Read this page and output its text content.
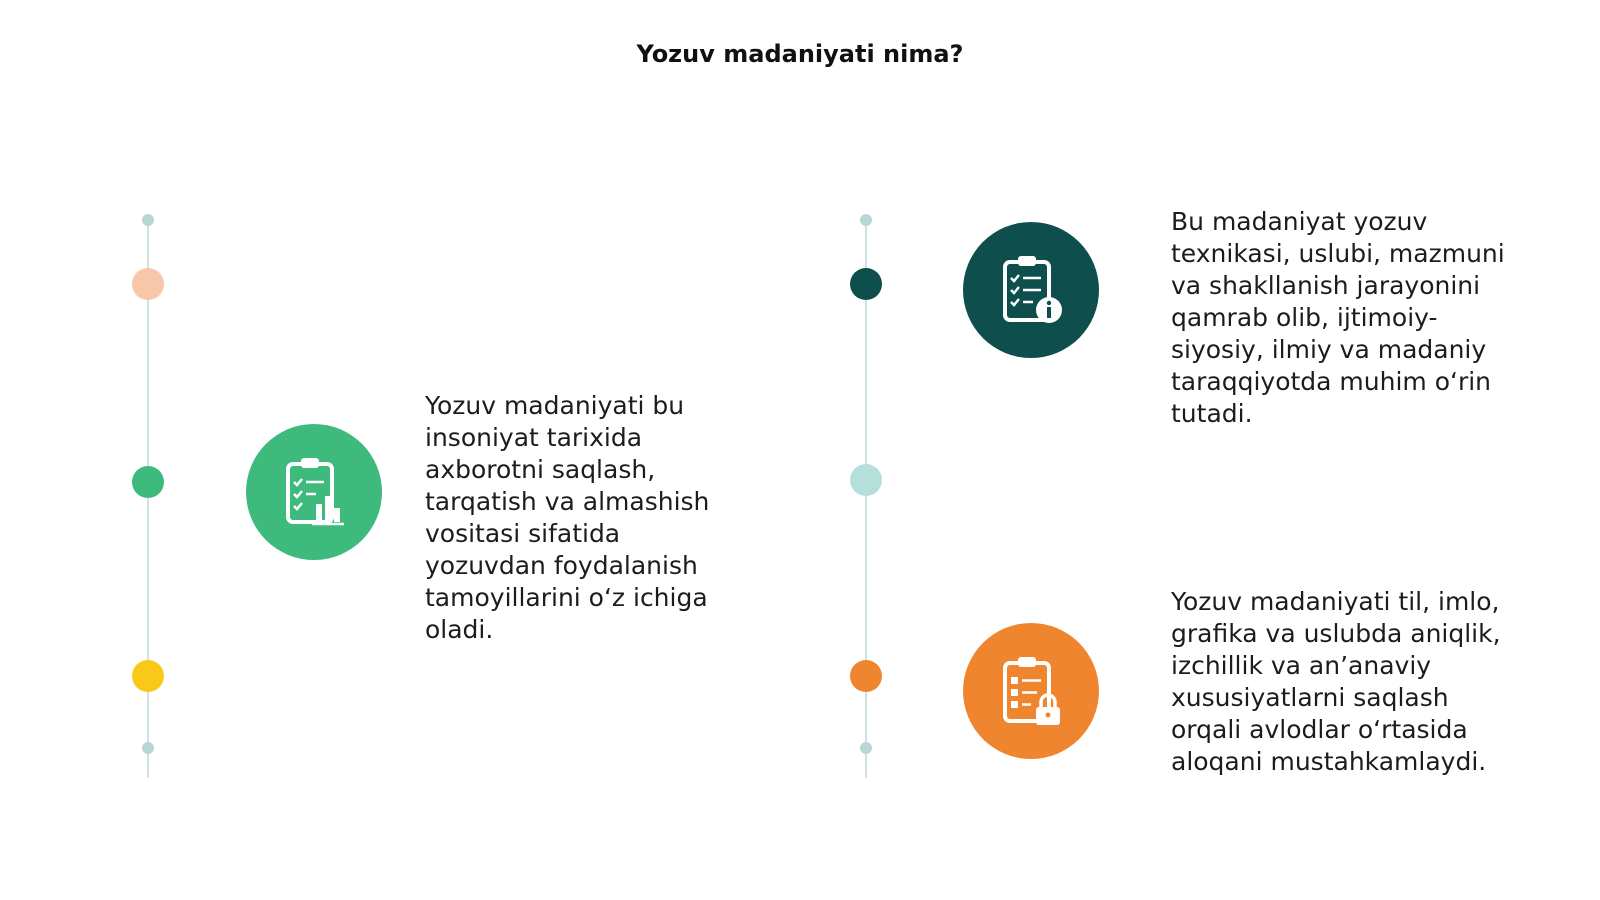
Yozuv madaniyati nima?
Yozuv madaniyati bu
insoniyat tarixida
axborotni saqlash,
tarqatish va almashish
vositasi sifatida
yozuvdan foydalanish
tamoyillarini o‘z ichiga
oladi.
Bu madaniyat yozuv
texnikasi, uslubi, mazmuni
va shakllanish jarayonini
qamrab olib, ijtimoiy-
siyosiy, ilmiy va madaniy
taraqqiyotda muhim o‘rin
tutadi.
Yozuv madaniyati til, imlo,
grafika va uslubda aniqlik,
izchillik va an’anaviy
xususiyatlarni saqlash
orqali avlodlar o‘rtasida
aloqani mustahkamlaydi.
